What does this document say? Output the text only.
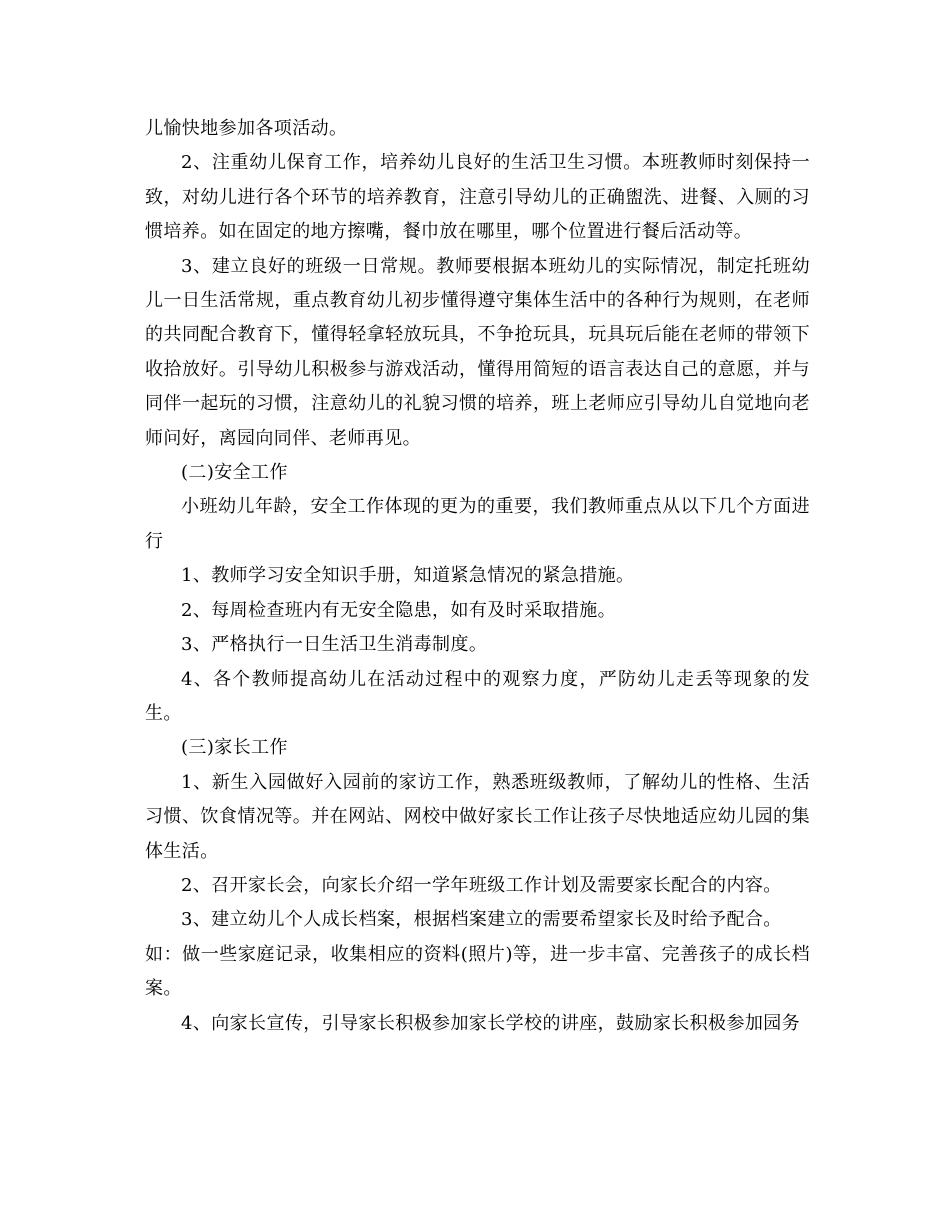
儿愉快地参加各项活动。

2、注重幼儿保育工作，培养幼儿良好的生活卫生习惯。本班教师时刻保持一致，对幼儿进行各个环节的培养教育，注意引导幼儿的正确盥洗、进餐、入厕的习惯培养。如在固定的地方擦嘴，餐巾放在哪里，哪个位置进行餐后活动等。

3、建立良好的班级一日常规。教师要根据本班幼儿的实际情况，制定托班幼儿一日生活常规，重点教育幼儿初步懂得遵守集体生活中的各种行为规则，在老师的共同配合教育下，懂得轻拿轻放玩具，不争抢玩具，玩具玩后能在老师的带领下收拾放好。引导幼儿积极参与游戏活动，懂得用简短的语言表达自己的意愿，并与同伴一起玩的习惯，注意幼儿的礼貌习惯的培养，班上老师应引导幼儿自觉地向老师问好，离园向同伴、老师再见。

(二)安全工作

小班幼儿年龄，安全工作体现的更为的重要，我们教师重点从以下几个方面进行

1、教师学习安全知识手册，知道紧急情况的紧急措施。

2、每周检查班内有无安全隐患，如有及时采取措施。

3、严格执行一日生活卫生消毒制度。

4、各个教师提高幼儿在活动过程中的观察力度，严防幼儿走丢等现象的发生。

(三)家长工作

1、新生入园做好入园前的家访工作，熟悉班级教师，了解幼儿的性格、生活习惯、饮食情况等。并在网站、网校中做好家长工作让孩子尽快地适应幼儿园的集体生活。

2、召开家长会，向家长介绍一学年班级工作计划及需要家长配合的内容。

3、建立幼儿个人成长档案，根据档案建立的需要希望家长及时给予配合。

如：做一些家庭记录，收集相应的资料(照片)等，进一步丰富、完善孩子的成长档案。

4、向家长宣传，引导家长积极参加家长学校的讲座，鼓励家长积极参加园务
